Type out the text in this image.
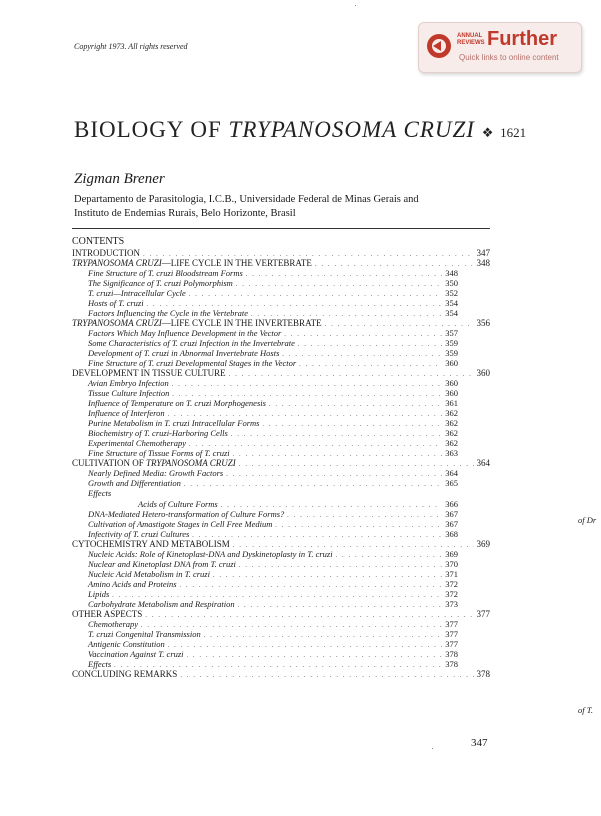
Copyright 1973. All rights reserved
ANNUAL
REVIEWS Further
Quick links to online content
BIOLOGY OF TRYPANOSOMA CRUZI ❖ 1621
Zigman Brener
Departamento de Parasitologia, I.C.B., Universidade Federal de Minas Gerais and
Instituto de Endemias Rurais, Belo Horizonte, Brasil
CONTENTS
INTRODUCTION . . .	347
TRYPANOSOMA CRUZI—LIFE CYCLE IN THE VERTEBRATE . . .	348
Fine Structure of T. cruzi Bloodstream Forms . . .	348
The Significance of T. cruzi Polymorphism . . .	350
T. cruzi—Intracellular Cycle . . .	352
Hosts of T. cruzi . . .	354
Factors Influencing the Cycle in the Vertebrate . . .	354
TRYPANOSOMA CRUZI—LIFE CYCLE IN THE INVERTEBRATE . . .	356
Factors Which May Influence Development in the Vector . . .	357
Some Characteristics of T. cruzi Infection in the Invertebrate . . .	359
Development of T. cruzi in Abnormal Invertebrate Hosts . . .	359
Fine Structure of T. cruzi Developmental Stages in the Vector . . .	360
DEVELOPMENT IN TISSUE CULTURE . . .	360
Avian Embryo Infection . . .	360
Tissue Culture Infection . . .	360
Influence of Temperature on T. cruzi Morphogenesis . . .	361
Influence of Interferon . . .	362
Purine Metabolism in T. cruzi Intracellular Forms . . .	362
Biochemistry of T. cruzi-Harboring Cells . . .	362
Experimental Chemotherapy . . .	362
Fine Structure of Tissue Forms of T. cruzi . . .	363
CULTIVATION OF TRYPANOSOMA CRUZI . . .	364
Nearly Defined Media: Growth Factors . . .	364
Growth and Differentiation . . .	365
Effects
Acids of Culture Forms . . .	366
DNA-Mediated Hetero-transformation of Culture Forms? . . .	367
Cultivation of Amastigote Stages in Cell Free Medium . . .	367
Infectivity of T. cruzi Cultures . . .	368
CYTOCHEMISTRY AND METABOLISM . . .	369
Nucleic Acids: Role of Kinetoplast-DNA and Dyskinetoplasty in T. cruzi . . .	369
Nuclear and Kinetoplast DNA from T. cruzi . . .	370
Nucleic Acid Metabolism in T. cruzi . . .	371
Amino Acids and Proteins . . .	372
Lipids . . .	372
Carbohydrate Metabolism and Respiration . . .	373
OTHER ASPECTS . . .	377
Chemotherapy . . .	377
T. cruzi Congenital Transmission . . .	377
Antigenic Constitution . . .	377
Vaccination Against T. cruzi . . .	378
Effects . . .	378
CONCLUDING REMARKS . . .	378
of Dr
of T.
347
